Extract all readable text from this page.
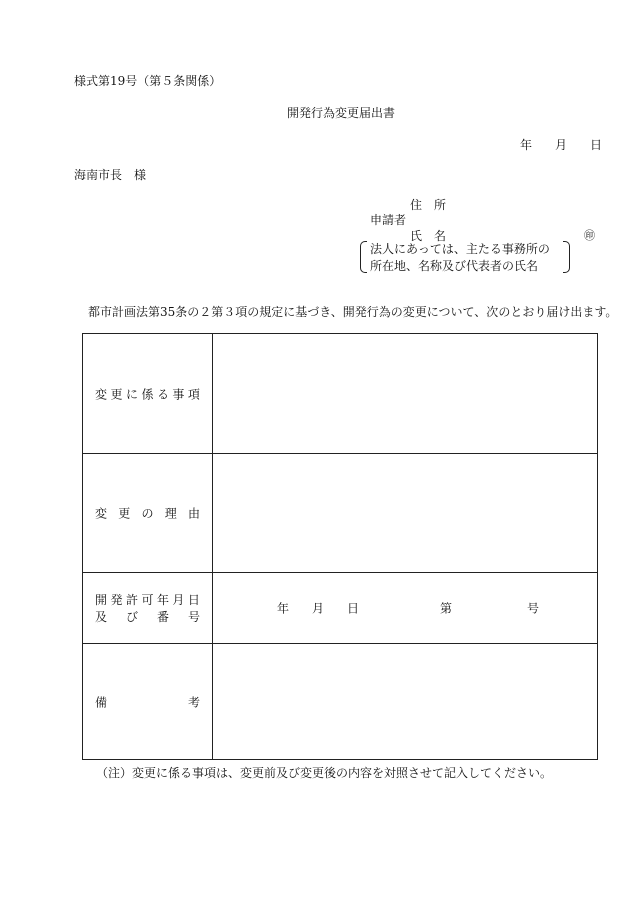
様式第19号（第５条関係）
開発行為変更届出書
年 月 日
海南市長　様
住　所
申請者
氏　名	㊞
法人にあっては、主たる事務所の
所在地、名称及び代表者の氏名
都市計画法第35条の２第３項の規定に基づき、開発行為の変更について、次のとおり届け出ます。
変 更 に 係 る 事 項
変 更 の 理 由
開 発 許 可 年 月 日
及 び 番 号
年 月 日	第	号
備	考
（注）変更に係る事項は、変更前及び変更後の内容を対照させて記入してください。
